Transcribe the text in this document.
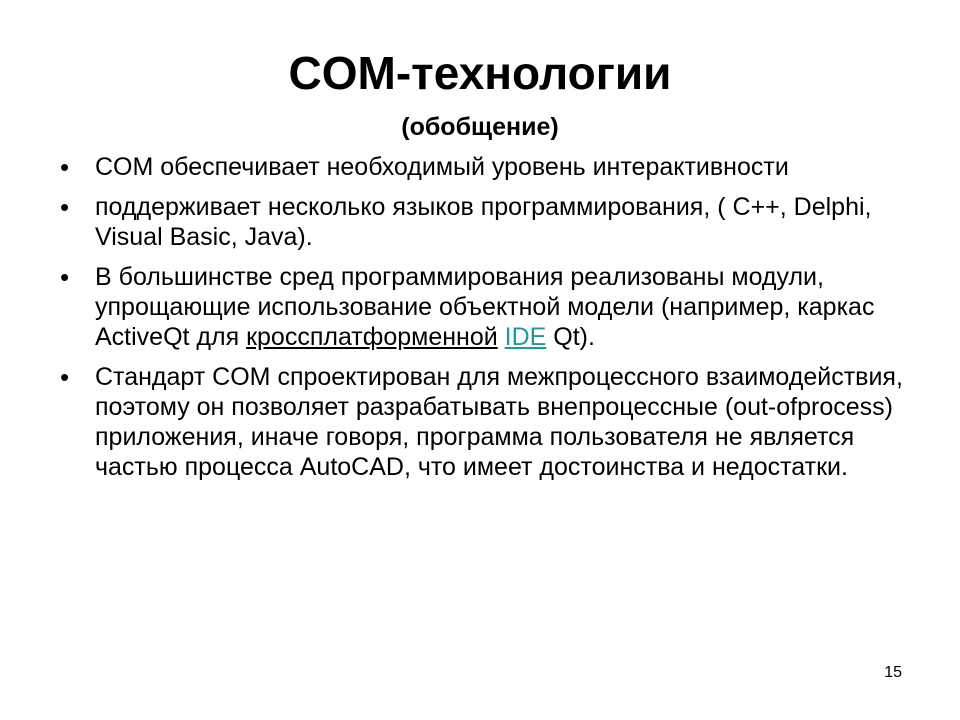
COM-технологии
(обобщение)
• COM обеспечивает необходимый уровень интерактивности
• поддерживает несколько языков программирования, ( C++, Delphi, Visual Basic, Java).
• В большинстве сред программирования реализованы модули, упрощающие использование объектной модели (например, каркас ActiveQt для кроссплатформенной IDE Qt).
• Стандарт COM спроектирован для межпроцессного взаимодействия, поэтому он позволяет разрабатывать внепроцессные (out-ofprocess) приложения, иначе говоря, программа пользователя не является частью процесса AutoCAD, что имеет достоинства и недостатки.
15
